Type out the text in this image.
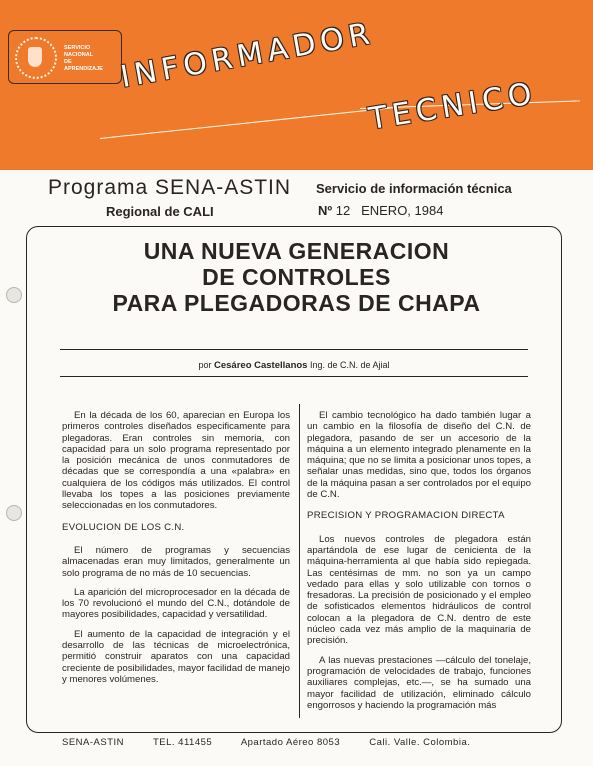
SERVICIO
NACIONAL
DE
APRENDIZAJE INFORMADOR
TECNICO
Programa SENA-ASTIN
Regional de CALI
Servicio de información técnica
Nº 12 ENERO, 1984
UNA NUEVA GENERACION
DE CONTROLES
PARA PLEGADORAS DE CHAPA
por Cesáreo Castellanos Ing. de C.N. de Ajial

En la década de los 60, aparecian en Europa los primeros controles diseñados especificamente para plegadoras. Eran controles sin memoria, con capacidad para un solo programa representado por la posición mecánica de unos conmutadores de décadas que se correspondía a una «palabra» en cualquiera de los códigos más utilizados. El control llevaba los topes a las posiciones previamente seleccionadas en los conmutadores.

EVOLUCION DE LOS C.N.

El número de programas y secuencias almacenadas eran muy limitados, generalmente un solo programa de no más de 10 secuencias.

La aparición del microprocesador en la década de los 70 revolucionó el mundo del C.N., dotándole de mayores posibilidades, capacidad y versatilidad.

El aumento de la capacidad de integración y el desarrollo de las técnicas de microelectrónica, permitió construir aparatos con una capacidad creciente de posibilidades, mayor facilidad de manejo y menores volúmenes.

El cambio tecnológico ha dado también lugar a un cambio en la filosofía de diseño del C.N. de plegadora, pasando de ser un accesorio de la máquina a un elemento integrado plenamente en la máquina; que no se limita a posicionar unos topes, a señalar unas medidas, sino que, todos los órganos de la máquina pasan a ser controlados por el equipo de C.N.

PRECISION Y PROGRAMACION DIRECTA

Los nuevos controles de plegadora están apartándola de ese lugar de cenicienta de la máquina-herramienta al que había sido repiegada. Las centésimas de mm. no son ya un campo vedado para ellas y solo utilizable con tornos o fresadoras. La precisión de posicionado y el empleo de sofisticados elementos hidráulicos de control colocan a la plegadora de C.N. dentro de este núcleo cada vez más amplio de la maquinaria de precisión.

A las nuevas prestaciones —cálculo del tonelaje, programación de velocidades de trabajo, funciones auxiliares complejas, etc.—, se ha sumado una mayor facilidad de utilización, eliminado cálculo engorrosos y haciendo la programación más

SENA-ASTIN	TEL. 411455	Apartado Aéreo 8053	Cali. Valle. Colombia.
